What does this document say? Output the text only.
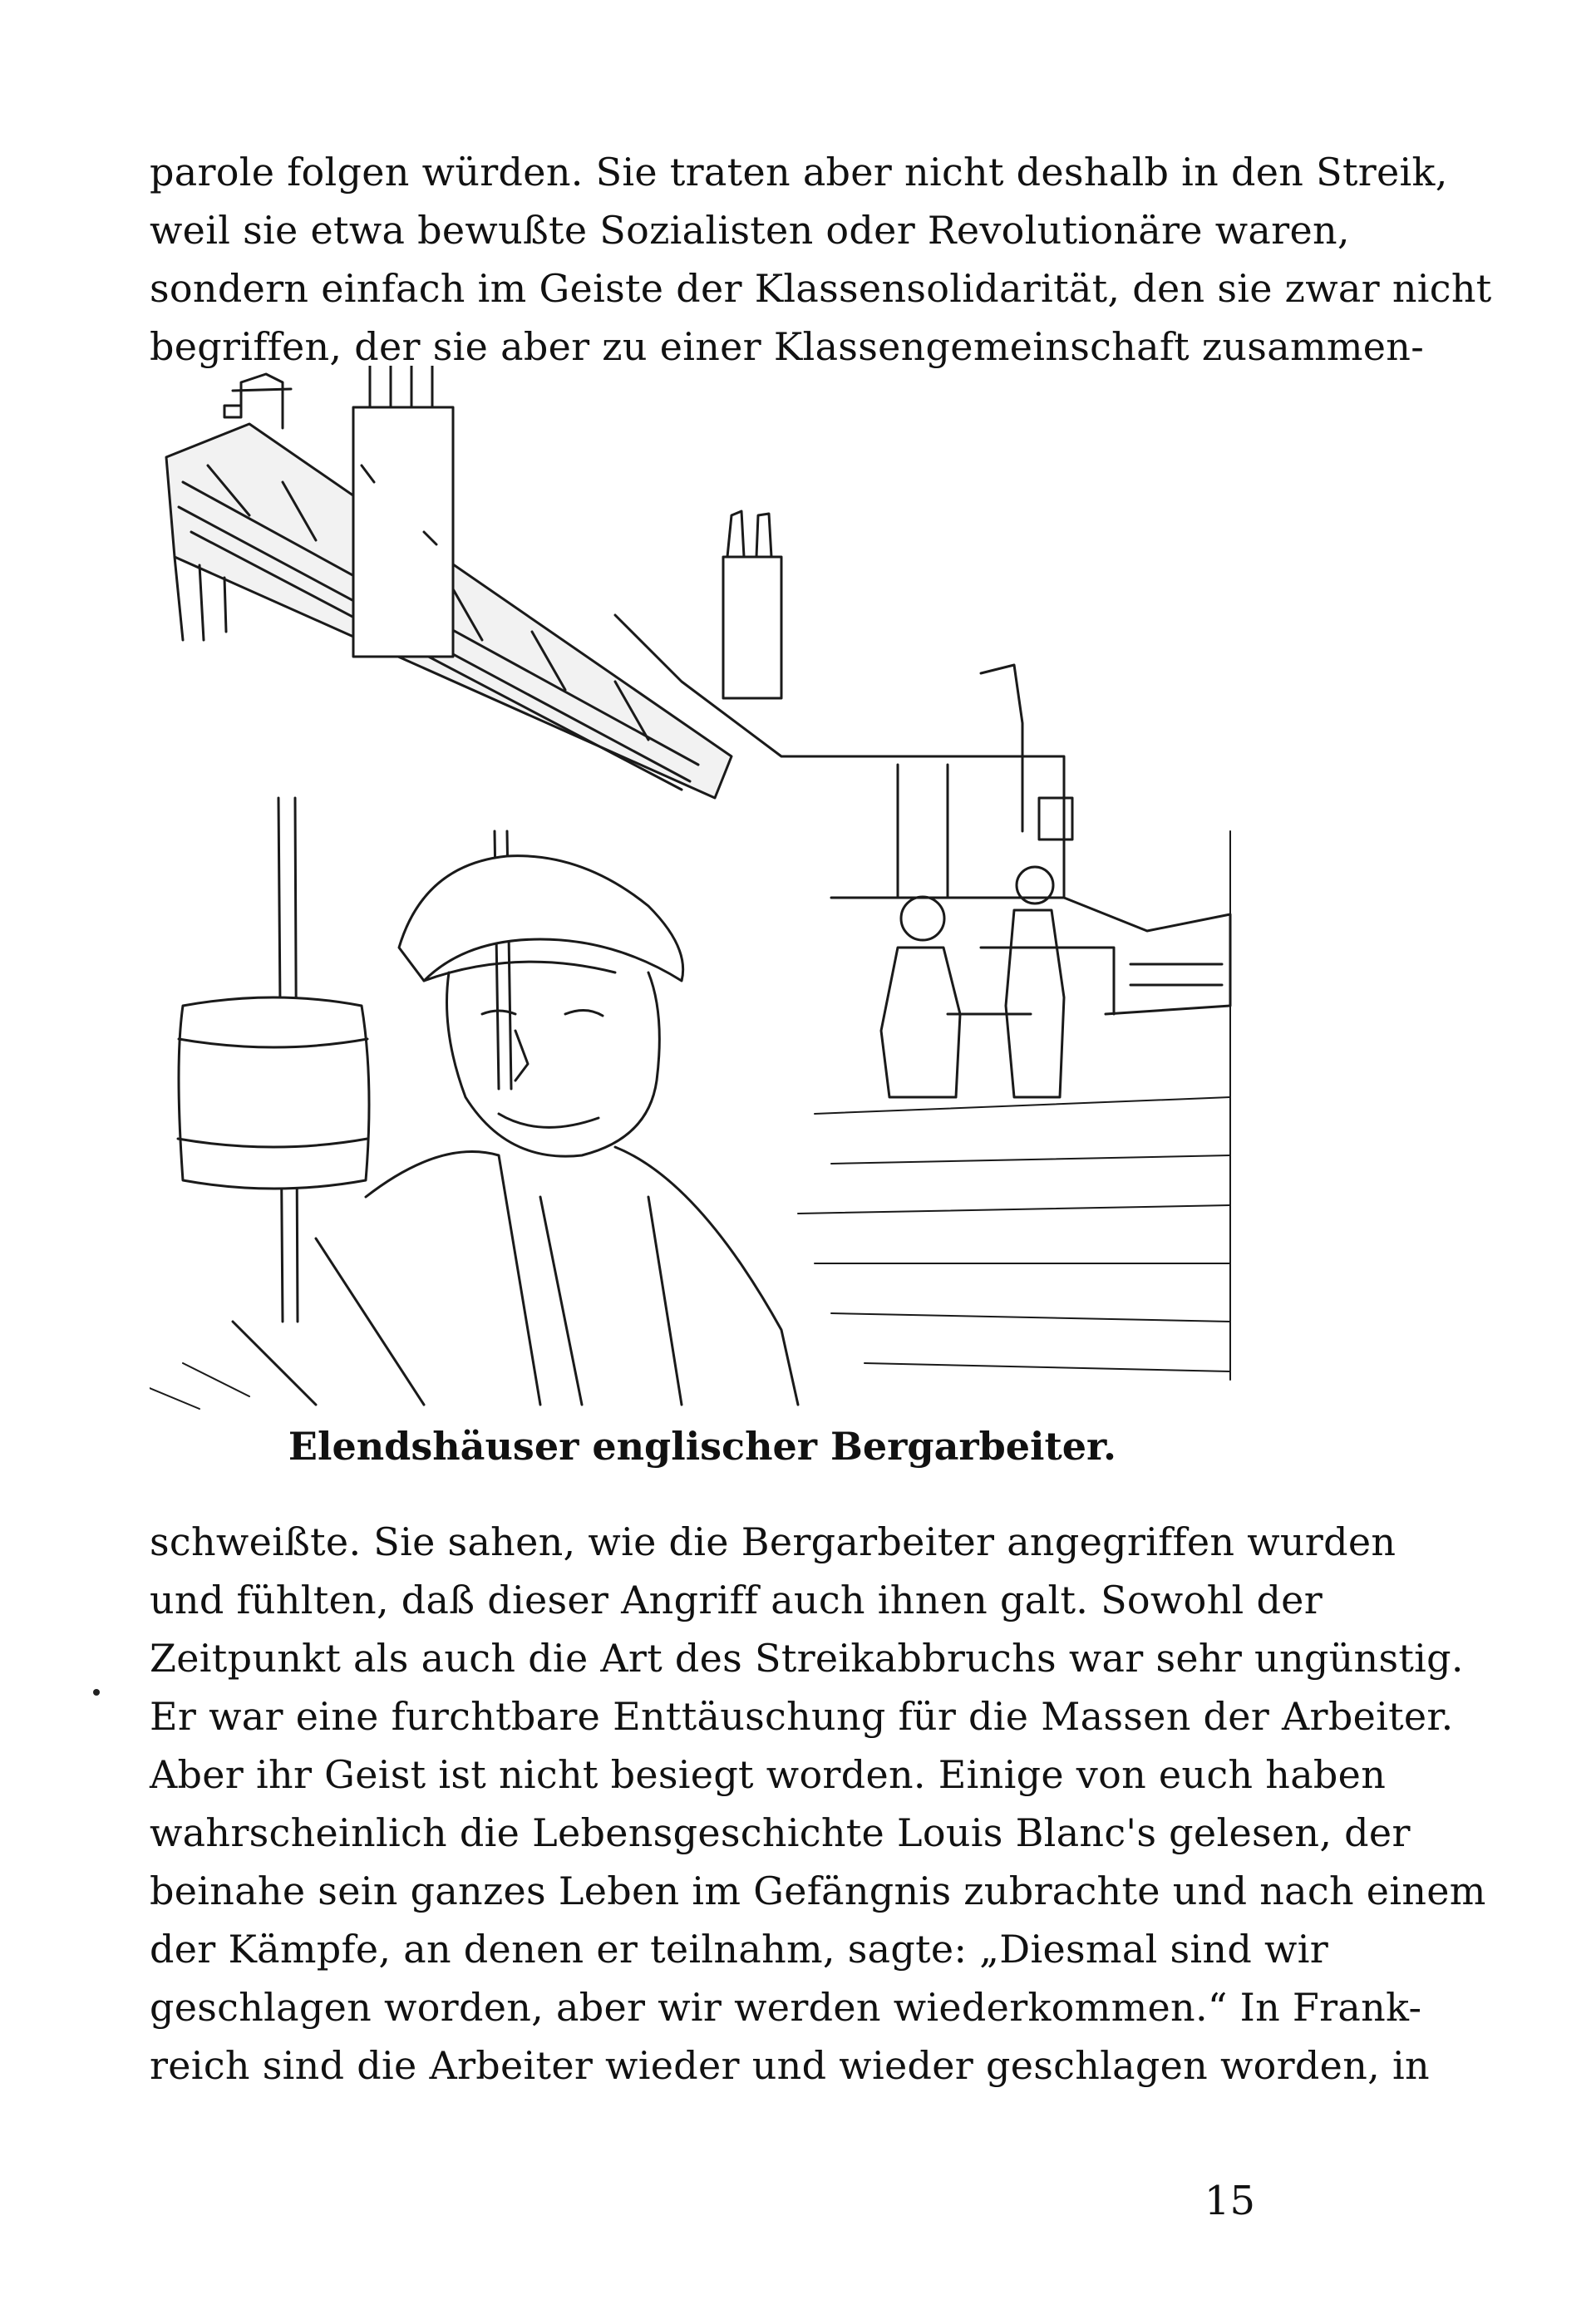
parole folgen würden. Sie traten aber nicht deshalb in den Streik,
weil sie etwa bewußte Sozialisten oder Revolutionäre waren,
sondern einfach im Geiste der Klassensolidarität, den sie zwar nicht
begriffen, der sie aber zu einer Klassengemeinschaft zusammen-
Elendshäuser englischer Bergarbeiter.
schweißte. Sie sahen, wie die Bergarbeiter angegriffen wurden
und fühlten, daß dieser Angriff auch ihnen galt. Sowohl der
Zeitpunkt als auch die Art des Streikabbruchs war sehr ungünstig.
Er war eine furchtbare Enttäuschung für die Massen der Arbeiter.
Aber ihr Geist ist nicht besiegt worden. Einige von euch haben
wahrscheinlich die Lebensgeschichte Louis Blanc's gelesen, der
beinahe sein ganzes Leben im Gefängnis zubrachte und nach einem
der Kämpfe, an denen er teilnahm, sagte: „Diesmal sind wir
geschlagen worden, aber wir werden wiederkommen.“ In Frank-
reich sind die Arbeiter wieder und wieder geschlagen worden, in
15
